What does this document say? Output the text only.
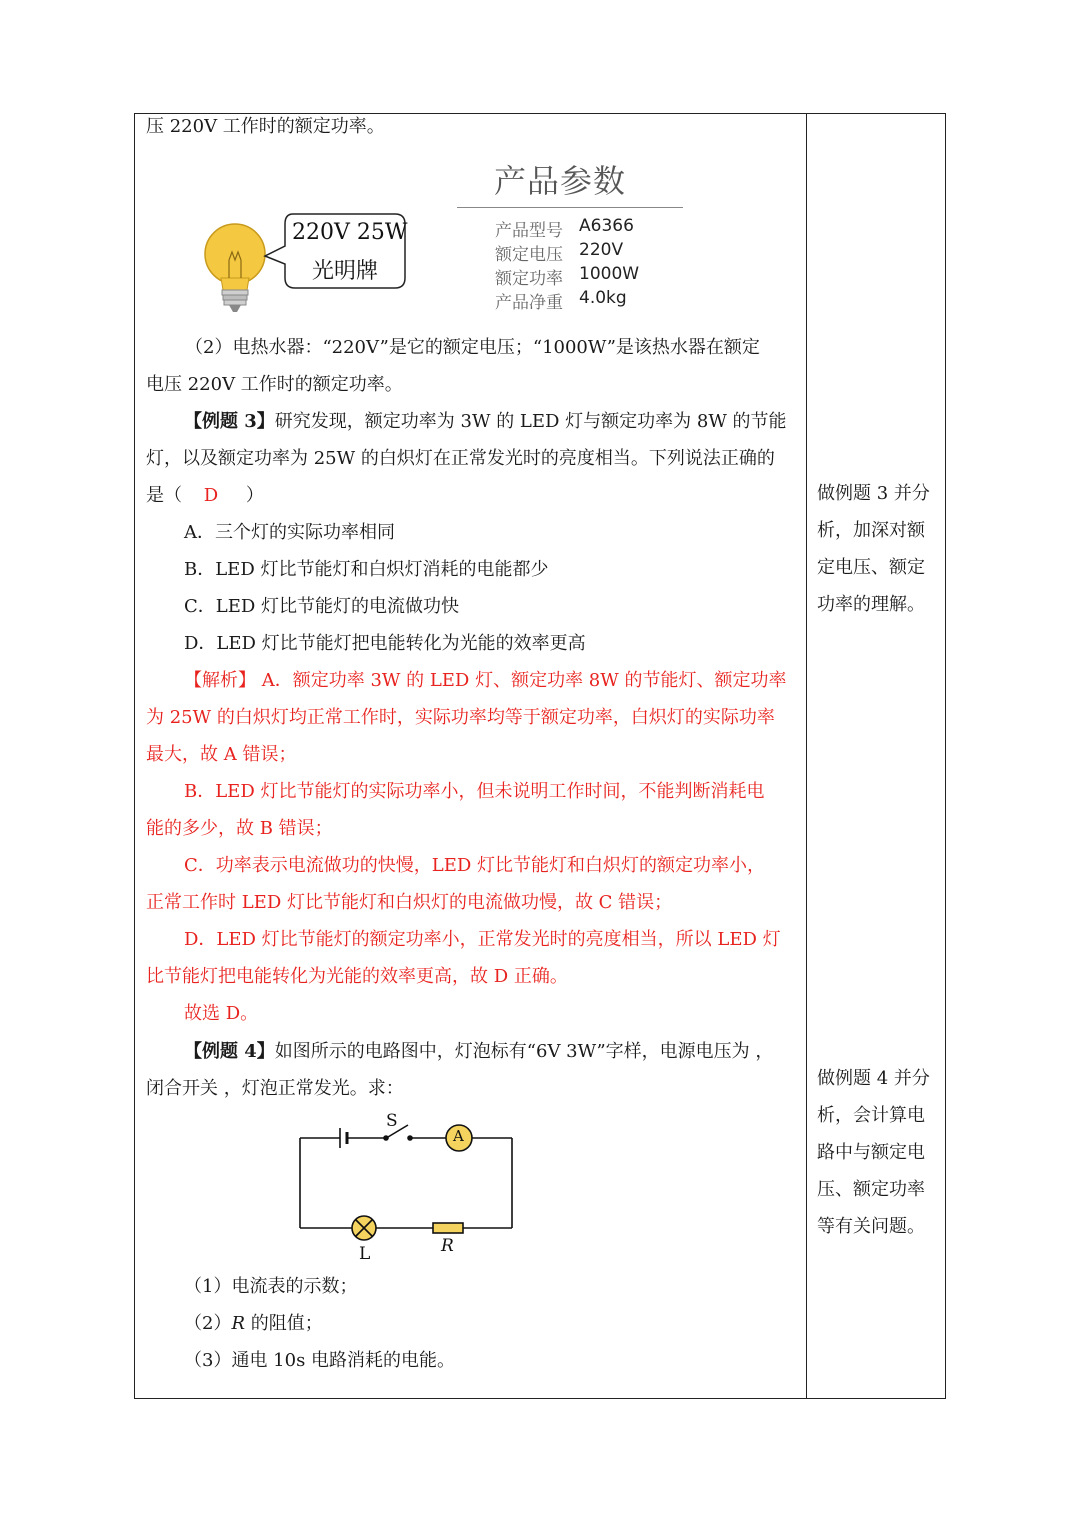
压 220V 工作时的额定功率。
220V 25W
光明牌
产品参数
产品型号 A6366
额定电压 220V
额定功率 1000W
产品净重 4.0kg
（2）电热水器：“220V”是它的额定电压；“1000W”是该热水器在额定
电压 220V 工作时的额定功率。
【例题 3】研究发现，额定功率为 3W 的 LED 灯与额定功率为 8W 的节能
灯，以及额定功率为 25W 的白炽灯在正常发光时的亮度相当。下列说法正确的
是（ D ）
A．三个灯的实际功率相同
B．LED 灯比节能灯和白炽灯消耗的电能都少
C．LED 灯比节能灯的电流做功快
D．LED 灯比节能灯把电能转化为光能的效率更高
【解析】 A．额定功率 3W 的 LED 灯、额定功率 8W 的节能灯、额定功率
为 25W 的白炽灯均正常工作时，实际功率均等于额定功率，白炽灯的实际功率
最大，故 A 错误；
B．LED 灯比节能灯的实际功率小，但未说明工作时间，不能判断消耗电
能的多少，故 B 错误；
C．功率表示电流做功的快慢，LED 灯比节能灯和白炽灯的额定功率小，
正常工作时 LED 灯比节能灯和白炽灯的电流做功慢，故 C 错误；
D．LED 灯比节能灯的额定功率小，正常发光时的亮度相当，所以 LED 灯
比节能灯把电能转化为光能的效率更高，故 D 正确。
故选 D。
做例题 3 并分
析，加深对额
定电压、额定
功率的理解。
【例题 4】如图所示的电路图中，灯泡标有“6V 3W”字样，电源电压为 ，
闭合开关 ，灯泡正常发光。求：
S
A
L	R
（1）电流表的示数；
（2）R 的阻值；
（3）通电 10s 电路消耗的电能。
做例题 4 并分
析，会计算电
路中与额定电
压、额定功率
等有关问题。
